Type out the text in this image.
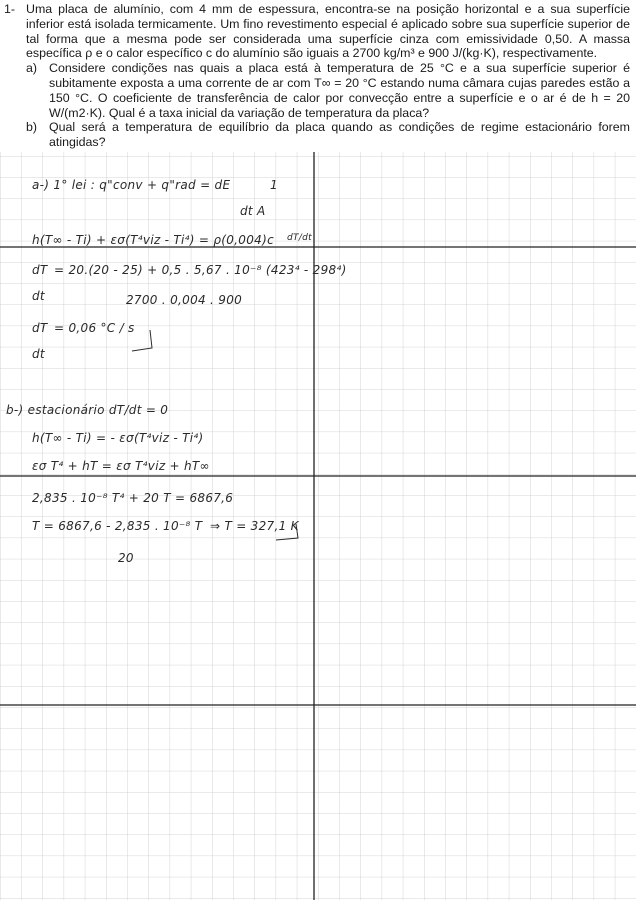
1- Uma placa de alumínio, com 4 mm de espessura, encontra-se na posição horizontal e a sua superfície inferior está isolada termicamente. Um fino revestimento especial é aplicado sobre sua superfície superior de tal forma que a mesma pode ser considerada uma superfície cinza com emissividade 0,50. A massa específica ρ e o calor específico c do alumínio são iguais a 2700 kg/m³ e 900 J/(kg·K), respectivamente.
a) Considere condições nas quais a placa está à temperatura de 25 °C e a sua superfície superior é subitamente exposta a uma corrente de ar com T∞ = 20 °C estando numa câmara cujas paredes estão a 150 °C. O coeficiente de transferência de calor por convecção entre a superfície e o ar é de h = 20 W/(m2·K). Qual é a taxa inicial da variação de temperatura da placa?
b) Qual será a temperatura de equilíbrio da placa quando as condições de regime estacionário forem atingidas?
a-) 1° lei : q"conv + q"rad = dE	1
dt A
h(T∞ - Ti) + εσ(T⁴viz - Ti⁴) = ρ(0,004)c dT/dt
dT = 20.(20 - 25) + 0,5 . 5,67 . 10⁻⁸ (423⁴ - 298⁴)
dt	2700 . 0,004 . 900
dT = 0,06 °C / s
dt
b-) estacionário dT/dt = 0
h(T∞ - Ti) = - εσ(T⁴viz - Ti⁴)
εσ T⁴ + hT = εσ T⁴viz + hT∞
2,835 . 10⁻⁸ T⁴ + 20 T = 6867,6
T = 6867,6 - 2,835 . 10⁻⁸ T ⇒ T = 327,1 K
20
